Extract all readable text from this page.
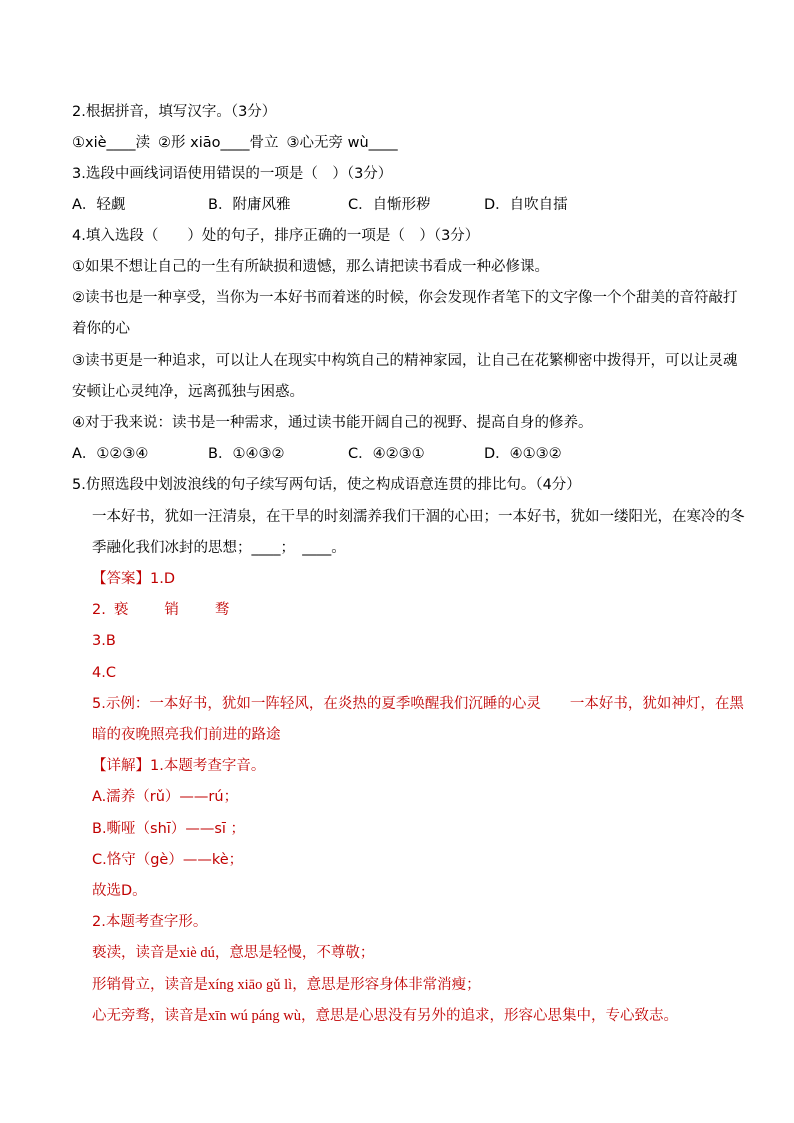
2.根据拼音，填写汉字。（3分）
①xiè____渎 ②形 xiāo____骨立 ③心无旁 wù____
3.选段中画线词语使用错误的一项是（　）（3分）
A．轻觑	B．附庸风雅	C．自惭形秽	D．自吹自擂
4.填入选段（　　）处的句子，排序正确的一项是（　）（3分）
①如果不想让自己的一生有所缺损和遗憾，那么请把读书看成一种必修课。
②读书也是一种享受，当你为一本好书而着迷的时候，你会发现作者笔下的文字像一个个甜美的音符敲打
着你的心
③读书更是一种追求，可以让人在现实中构筑自己的精神家园，让自己在花繁柳密中拨得开，可以让灵魂
安顿让心灵纯净，远离孤独与困惑。
④对于我来说：读书是一种需求，通过读书能开阔自己的视野、提高自身的修养。
A．①②③④	B．①④③②	C．④②③①	D．④①③②
5.仿照选段中划波浪线的句子续写两句话，使之构成语意连贯的排比句。（4分）
一本好书，犹如一汪清泉，在干旱的时刻濡养我们干涸的心田；一本好书，犹如一缕阳光，在寒冷的冬
季融化我们冰封的思想；____；　____。
【答案】1.D
2. 亵 销 骛
3.B
4.C
5.示例：一本好书，犹如一阵轻风，在炎热的夏季唤醒我们沉睡的心灵　　一本好书，犹如神灯，在黑
暗的夜晚照亮我们前进的路途
【详解】1.本题考查字音。
A.濡养（rǔ）——rú；
B.嘶哑（shī）——sī ；
C.恪守（gè）——kè；
故选D。
2.本题考查字形。
亵渎，读音是xiè dú，意思是轻慢，不尊敬；
形销骨立，读音是xíng xiāo gǔ lì，意思是形容身体非常消瘦；
心无旁骛，读音是xīn wú páng wù，意思是心思没有另外的追求，形容心思集中，专心致志。
